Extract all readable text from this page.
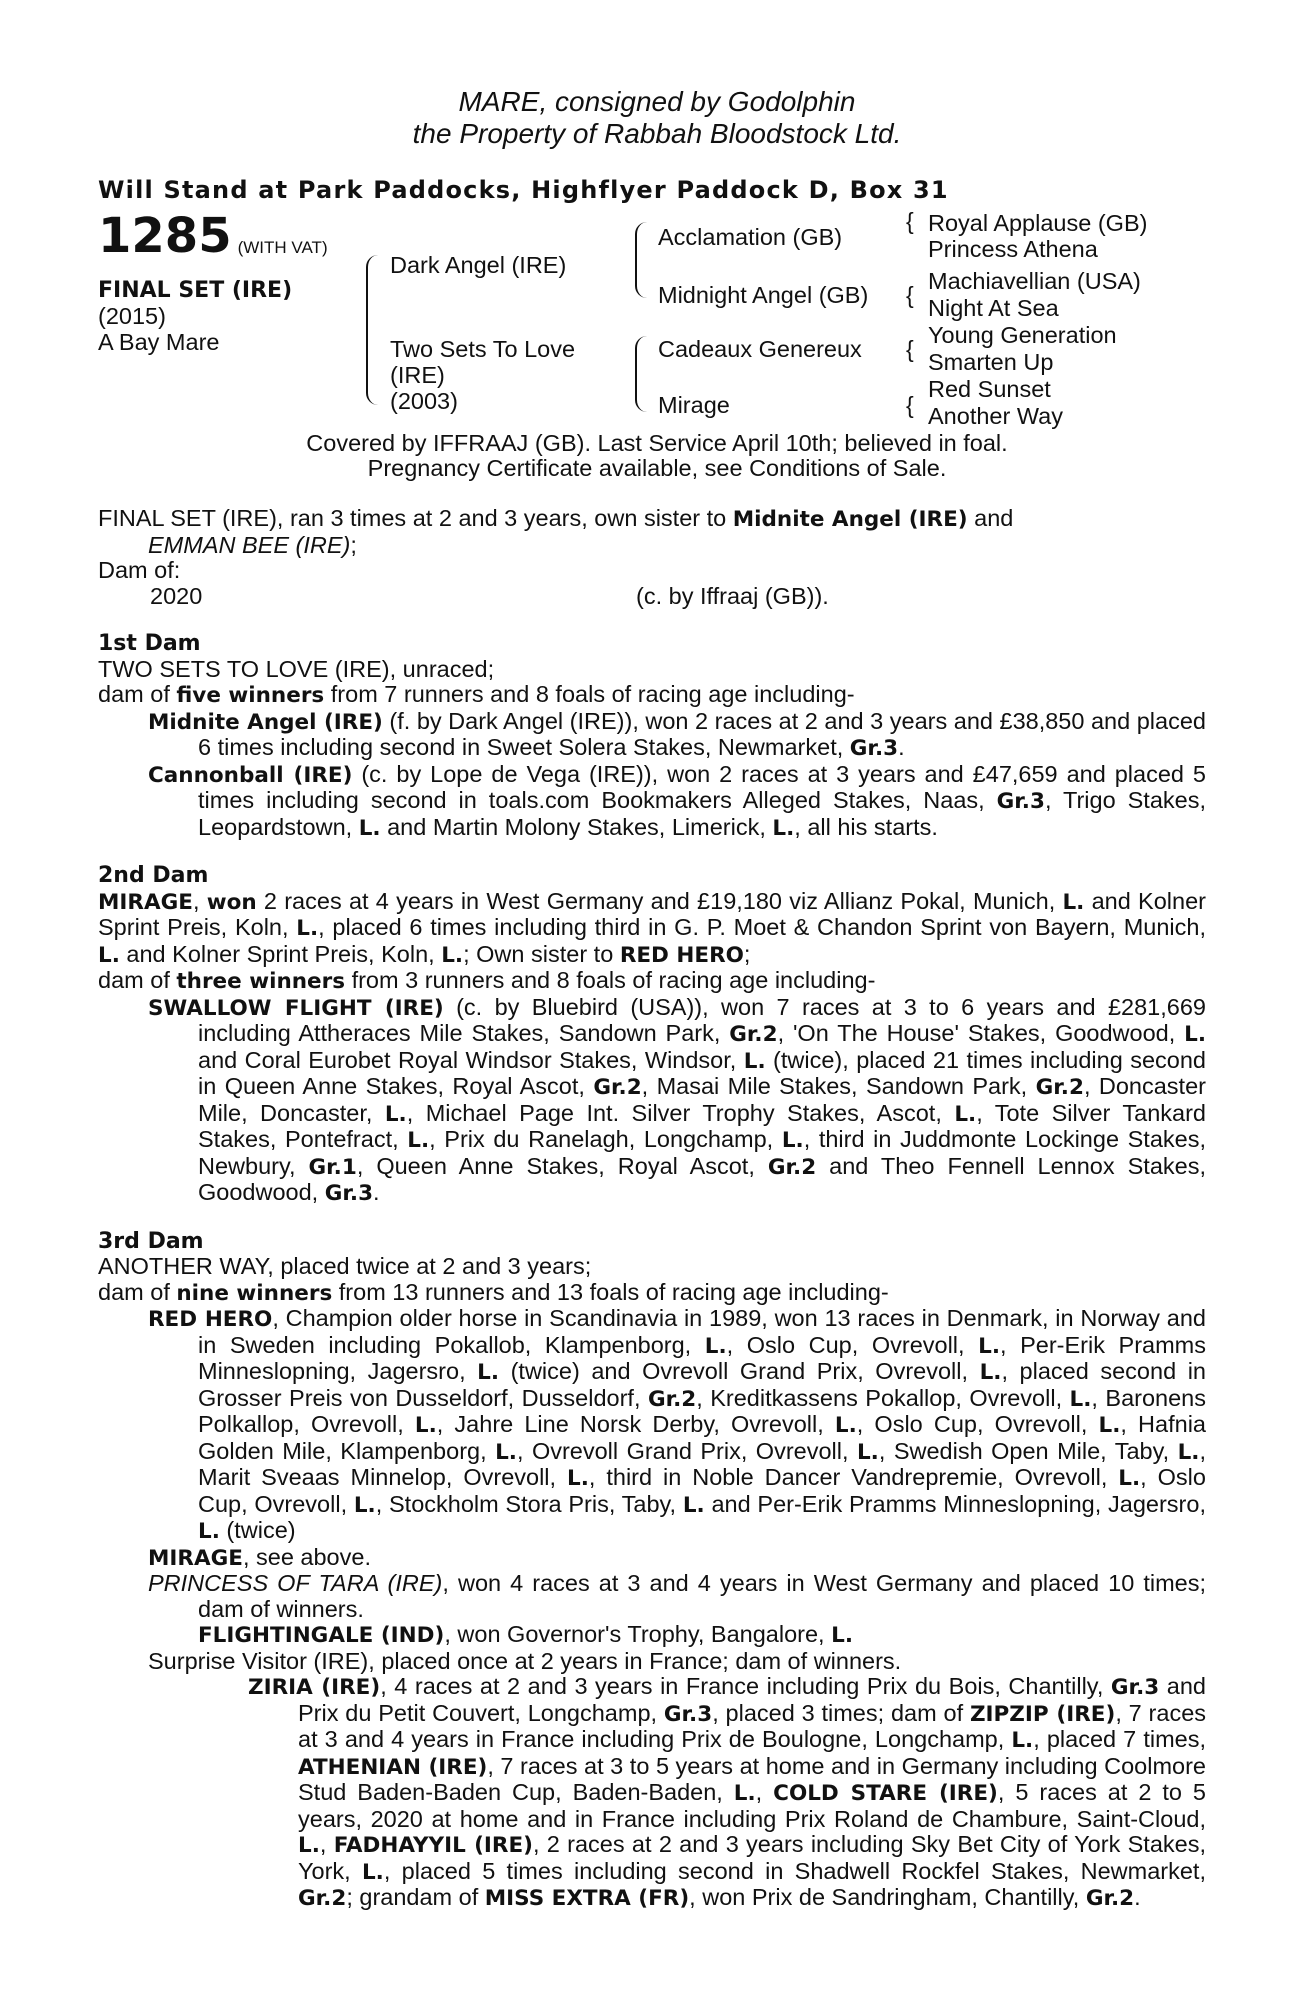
MARE, consigned by Godolphin
the Property of Rabbah Bloodstock Ltd.
Will Stand at Park Paddocks, Highflyer Paddock D, Box 31
1285 (WITH VAT)
FINAL SET (IRE)
(2015)
A Bay Mare
Dark Angel (IRE)
Two Sets To Love
(IRE)
(2003)
Acclamation (GB)
Midnight Angel (GB)
Cadeaux Genereux
Mirage
{ Royal Applause (GB)
Princess Athena
{
Machiavellian (USA)
Night At Sea
{
Young Generation
Smarten Up
{
Red Sunset
Another Way
Covered by IFFRAAJ (GB). Last Service April 10th; believed in foal.
Pregnancy Certificate available, see Conditions of Sale.

FINAL SET (IRE), ran 3 times at 2 and 3 years, own sister to Midnite Angel (IRE) and

EMMAN BEE (IRE);

Dam of:

2020	(c. by Iffraaj (GB)).

1st Dam

TWO SETS TO LOVE (IRE), unraced;

dam of five winners from 7 runners and 8 foals of racing age including-

Midnite Angel (IRE) (f. by Dark Angel (IRE)), won 2 races at 2 and 3 years and £38,850 and placed 6 times including second in Sweet Solera Stakes, Newmarket, Gr.3.

Cannonball (IRE) (c. by Lope de Vega (IRE)), won 2 races at 3 years and £47,659 and placed 5 times including second in toals.com Bookmakers Alleged Stakes, Naas, Gr.3, Trigo Stakes, Leopardstown, L. and Martin Molony Stakes, Limerick, L., all his starts.

2nd Dam

MIRAGE, won 2 races at 4 years in West Germany and £19,180 viz Allianz Pokal, Munich, L. and Kolner Sprint Preis, Koln, L., placed 6 times including third in G. P. Moet & Chandon Sprint von Bayern, Munich, L. and Kolner Sprint Preis, Koln, L.; Own sister to RED HERO;

dam of three winners from 3 runners and 8 foals of racing age including-

SWALLOW FLIGHT (IRE) (c. by Bluebird (USA)), won 7 races at 3 to 6 years and £281,669 including Attheraces Mile Stakes, Sandown Park, Gr.2, 'On The House' Stakes, Goodwood, L. and Coral Eurobet Royal Windsor Stakes, Windsor, L. (twice), placed 21 times including second in Queen Anne Stakes, Royal Ascot, Gr.2, Masai Mile Stakes, Sandown Park, Gr.2, Doncaster Mile, Doncaster, L., Michael Page Int. Silver Trophy Stakes, Ascot, L., Tote Silver Tankard Stakes, Pontefract, L., Prix du Ranelagh, Longchamp, L., third in Juddmonte Lockinge Stakes, Newbury, Gr.1, Queen Anne Stakes, Royal Ascot, Gr.2 and Theo Fennell Lennox Stakes, Goodwood, Gr.3.

3rd Dam

ANOTHER WAY, placed twice at 2 and 3 years;

dam of nine winners from 13 runners and 13 foals of racing age including-

RED HERO, Champion older horse in Scandinavia in 1989, won 13 races in Denmark, in Norway and in Sweden including Pokallob, Klampenborg, L., Oslo Cup, Ovrevoll, L., Per-Erik Pramms Minneslopning, Jagersro, L. (twice) and Ovrevoll Grand Prix, Ovrevoll, L., placed second in Grosser Preis von Dusseldorf, Dusseldorf, Gr.2, Kreditkassens Pokallop, Ovrevoll, L., Baronens Polkallop, Ovrevoll, L., Jahre Line Norsk Derby, Ovrevoll, L., Oslo Cup, Ovrevoll, L., Hafnia Golden Mile, Klampenborg, L., Ovrevoll Grand Prix, Ovrevoll, L., Swedish Open Mile, Taby, L., Marit Sveaas Minnelop, Ovrevoll, L., third in Noble Dancer Vandrepremie, Ovrevoll, L., Oslo Cup, Ovrevoll, L., Stockholm Stora Pris, Taby, L. and Per-Erik Pramms Minneslopning, Jagersro, L. (twice)

MIRAGE, see above.

PRINCESS OF TARA (IRE), won 4 races at 3 and 4 years in West Germany and placed 10 times; dam of winners.

FLIGHTINGALE (IND), won Governor's Trophy, Bangalore, L.

Surprise Visitor (IRE), placed once at 2 years in France; dam of winners.

ZIRIA (IRE), 4 races at 2 and 3 years in France including Prix du Bois, Chantilly, Gr.3 and Prix du Petit Couvert, Longchamp, Gr.3, placed 3 times; dam of ZIPZIP (IRE), 7 races at 3 and 4 years in France including Prix de Boulogne, Longchamp, L., placed 7 times, ATHENIAN (IRE), 7 races at 3 to 5 years at home and in Germany including Coolmore Stud Baden-Baden Cup, Baden-Baden, L., COLD STARE (IRE), 5 races at 2 to 5 years, 2020 at home and in France including Prix Roland de Chambure, Saint-Cloud, L., FADHAYYIL (IRE), 2 races at 2 and 3 years including Sky Bet City of York Stakes, York, L., placed 5 times including second in Shadwell Rockfel Stakes, Newmarket, Gr.2; grandam of MISS EXTRA (FR), won Prix de Sandringham, Chantilly, Gr.2.
